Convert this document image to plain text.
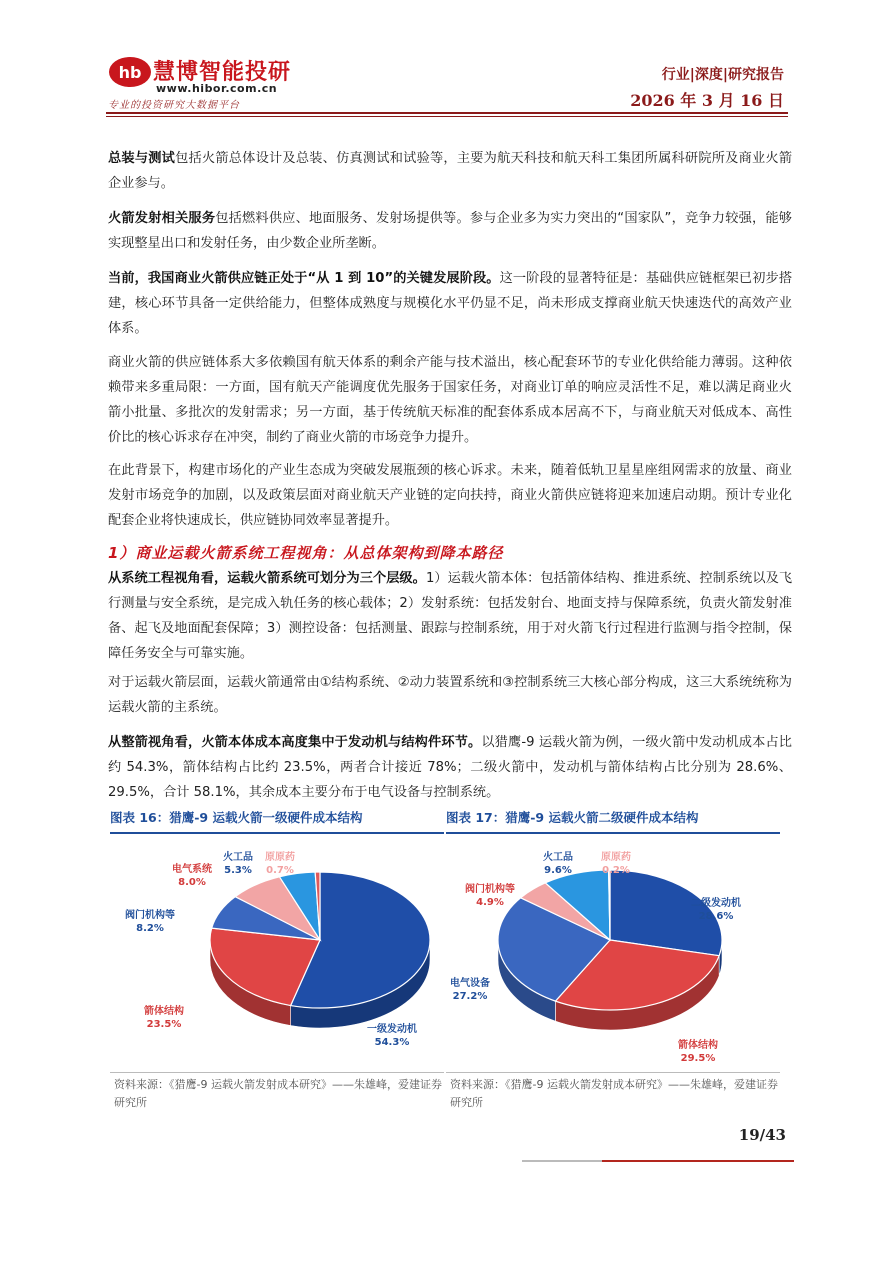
hb 慧博智能投研
www.hibor.com.cn
专业的投资研究大数据平台
行业|深度|研究报告
2026 年 3 月 16 日
总装与测试包括火箭总体设计及总装、仿真测试和试验等，主要为航天科技和航天科工集团所属科研院所及商业火箭企业参与。
火箭发射相关服务包括燃料供应、地面服务、发射场提供等。参与企业多为实力突出的“国家队”，竞争力较强，能够实现整星出口和发射任务，由少数企业所垄断。
当前，我国商业火箭供应链正处于“从 1 到 10”的关键发展阶段。这一阶段的显著特征是：基础供应链框架已初步搭建，核心环节具备一定供给能力，但整体成熟度与规模化水平仍显不足，尚未形成支撑商业航天快速迭代的高效产业体系。
商业火箭的供应链体系大多依赖国有航天体系的剩余产能与技术溢出，核心配套环节的专业化供给能力薄弱。这种依赖带来多重局限：一方面，国有航天产能调度优先服务于国家任务，对商业订单的响应灵活性不足，难以满足商业火箭小批量、多批次的发射需求；另一方面，基于传统航天标准的配套体系成本居高不下，与商业航天对低成本、高性价比的核心诉求存在冲突，制约了商业火箭的市场竞争力提升。
在此背景下，构建市场化的产业生态成为突破发展瓶颈的核心诉求。未来，随着低轨卫星星座组网需求的放量、商业发射市场竞争的加剧，以及政策层面对商业航天产业链的定向扶持，商业火箭供应链将迎来加速启动期。预计专业化配套企业将快速成长，供应链协同效率显著提升。
1）商业运载火箭系统工程视角：从总体架构到降本路径
从系统工程视角看，运载火箭系统可划分为三个层级。1）运载火箭本体：包括箭体结构、推进系统、控制系统以及飞行测量与安全系统，是完成入轨任务的核心载体；2）发射系统：包括发射台、地面支持与保障系统，负责火箭发射准备、起飞及地面配套保障；3）测控设备：包括测量、跟踪与控制系统，用于对火箭飞行过程进行监测与指令控制，保障任务安全与可靠实施。
对于运载火箭层面，运载火箭通常由①结构系统、②动力装置系统和③控制系统三大核心部分构成，这三大系统统称为运载火箭的主系统。
从整箭视角看，火箭本体成本高度集中于发动机与结构件环节。以猎鹰-9 运载火箭为例，一级火箭中发动机成本占比约 54.3%，箭体结构占比约 23.5%，两者合计接近 78%；二级火箭中，发动机与箭体结构占比分别为 28.6%、29.5%，合计 58.1%，其余成本主要分布于电气设备与控制系统。
图表 16：猎鹰-9 运载火箭一级硬件成本结构
一级发动机
54.3%
箭体结构
23.5%
阀门机构等
8.2%
电气系统
8.0%
火工品
5.3%
原原药
0.7%
资料来源：《猎鹰-9 运载火箭发射成本研究》——朱雄峰，爱建证券研究所
图表 17：猎鹰-9 运载火箭二级硬件成本结构
二级发动机
28.6%
箭体结构
29.5%
电气设备
27.2%
阀门机构等
4.9%
火工品
9.6%
原原药
0.2%
资料来源：《猎鹰-9 运载火箭发射成本研究》——朱雄峰，爱建证券研究所
19/43
